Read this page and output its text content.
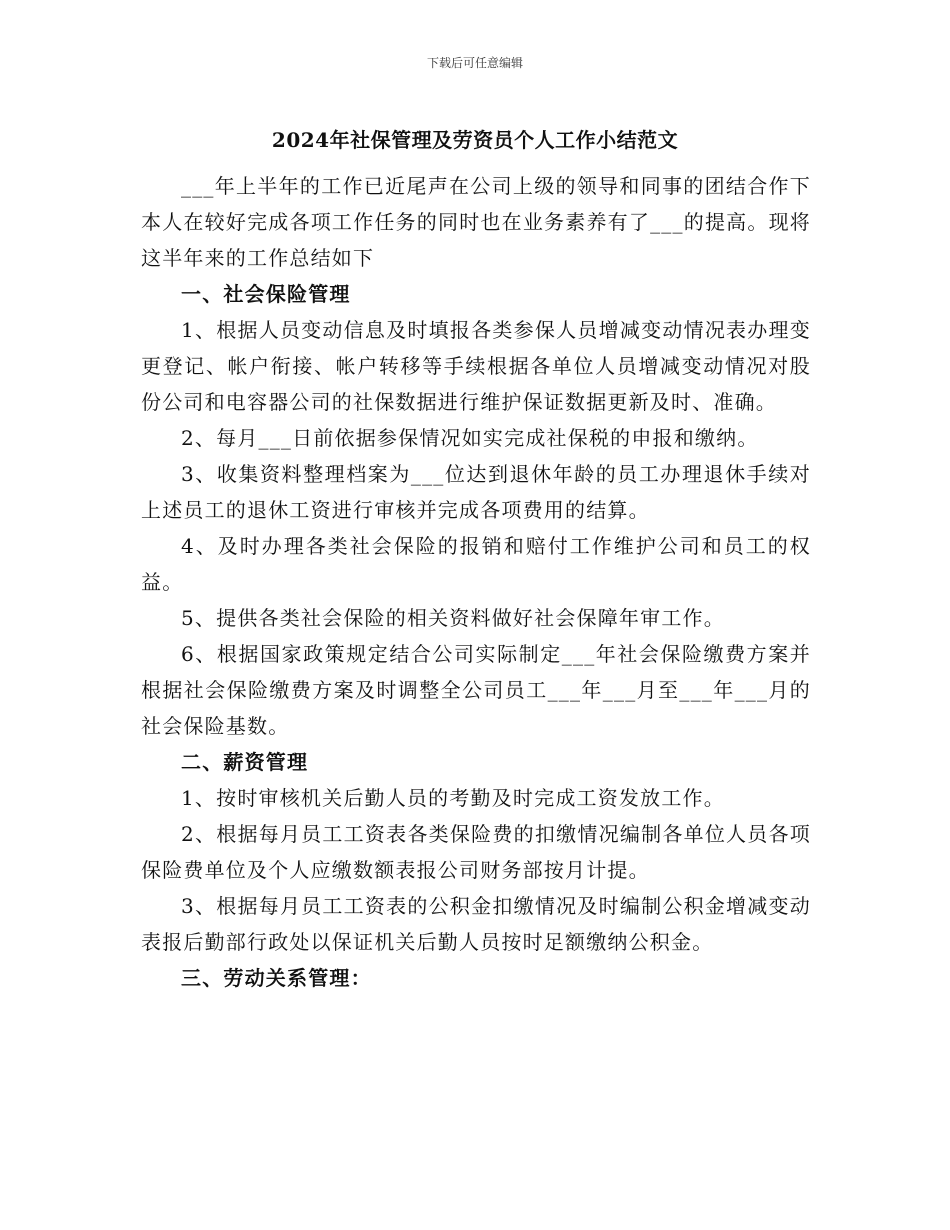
下载后可任意编辑
2024年社保管理及劳资员个人工作小结范文

___年上半年的工作已近尾声在公司上级的领导和同事的团结合作下本人在较好完成各项工作任务的同时也在业务素养有了___的提高。现将这半年来的工作总结如下

一、社会保险管理

1、根据人员变动信息及时填报各类参保人员增减变动情况表办理变更登记、帐户衔接、帐户转移等手续根据各单位人员增减变动情况对股份公司和电容器公司的社保数据进行维护保证数据更新及时、准确。

2、每月___日前依据参保情况如实完成社保税的申报和缴纳。

3、收集资料整理档案为___位达到退休年龄的员工办理退休手续对上述员工的退休工资进行审核并完成各项费用的结算。

4、及时办理各类社会保险的报销和赔付工作维护公司和员工的权益。

5、提供各类社会保险的相关资料做好社会保障年审工作。

6、根据国家政策规定结合公司实际制定___年社会保险缴费方案并根据社会保险缴费方案及时调整全公司员工___年___月至___年___月的社会保险基数。

二、薪资管理

1、按时审核机关后勤人员的考勤及时完成工资发放工作。

2、根据每月员工工资表各类保险费的扣缴情况编制各单位人员各项保险费单位及个人应缴数额表报公司财务部按月计提。

3、根据每月员工工资表的公积金扣缴情况及时编制公积金增减变动表报后勤部行政处以保证机关后勤人员按时足额缴纳公积金。

三、劳动关系管理：
